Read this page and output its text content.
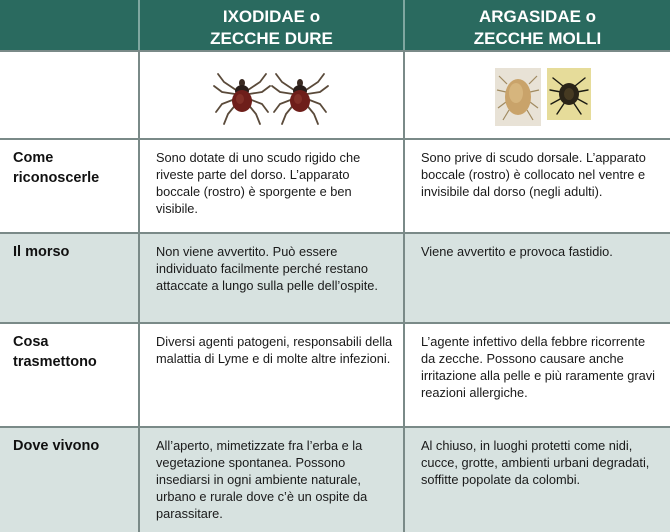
IXODIDAE o
ZECCHE DURE
ARGASIDAE o
ZECCHE MOLLI
Come
riconoscerle
Sono dotate di uno scudo rigido che riveste parte del dorso. L’apparato boccale (rostro) è sporgente e ben visibile.
Sono prive di scudo dorsale. L’apparato boccale (rostro) è collocato nel ventre e invisibile dal dorso (negli adulti).
Il morso	Non viene avvertito. Può essere individuato facilmente perché restano attaccate a lungo sulla pelle dell’ospite.
Viene avvertito e provoca fastidio.
Cosa
trasmettono
Diversi agenti patogeni, responsabili della malattia di Lyme e di molte altre infezioni.
L’agente infettivo della febbre ricorrente da zecche. Possono causare anche irritazione alla pelle e più raramente gravi reazioni allergiche.
Dove vivono	All’aperto, mimetizzate fra l’erba e la vegetazione spontanea. Possono insediarsi in ogni ambiente naturale, urbano e rurale dove c’è un ospite da parassitare.
Al chiuso, in luoghi protetti come nidi, cucce, grotte, ambienti urbani degradati, soffitte popolate da colombi.
